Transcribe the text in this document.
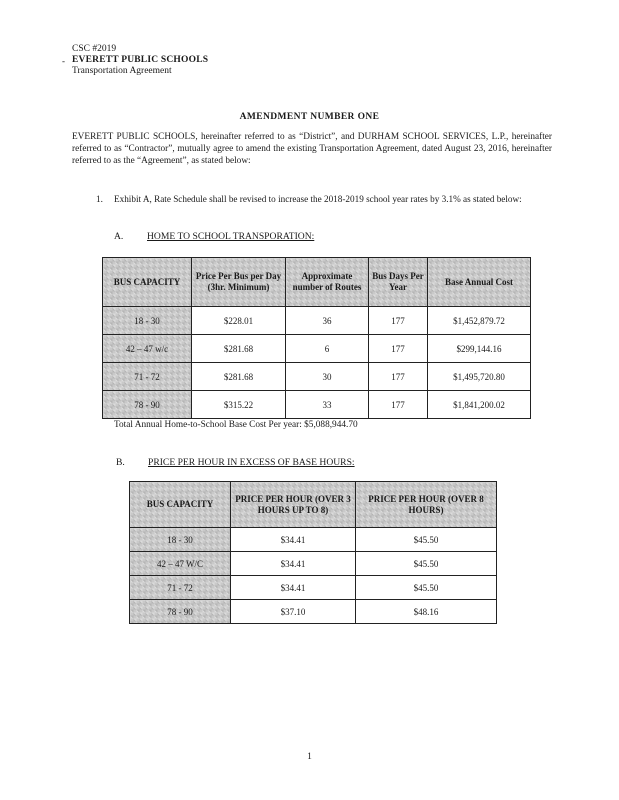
CSC #2019
EVERETT PUBLIC SCHOOLS
Transportation Agreement
-
AMENDMENT NUMBER ONE
EVERETT PUBLIC SCHOOLS, hereinafter referred to as “District”, and DURHAM SCHOOL SERVICES, L.P., hereinafter referred to as “Contractor”, mutually agree to amend the existing Transportation Agreement, dated August 23, 2016, hereinafter referred to as the “Agreement”, as stated below:
1. Exhibit A, Rate Schedule shall be revised to increase the 2018-2019 school year rates by 3.1% as stated below:
A. HOME TO SCHOOL TRANSPORATION:
BUS CAPACITY	Price Per Bus per Day (3hr. Minimum)	Approximate number of Routes	Bus Days Per Year	Base Annual Cost
18 - 30	$228.01	36	177	$1,452,879.72
42 – 47 w/c	$281.68	6	177	$299,144.16
71 - 72	$281.68	30	177	$1,495,720.80
78 - 90	$315.22	33	177	$1,841,200.02
Total Annual Home-to-School Base Cost Per year: $5,088,944.70
B. PRICE PER HOUR IN EXCESS OF BASE HOURS:
BUS CAPACITY	PRICE PER HOUR (OVER 3 HOURS UP TO 8)	PRICE PER HOUR (OVER 8 HOURS)
18 - 30	$34.41	$45.50
42 – 47 W/C	$34.41	$45.50
71 - 72	$34.41	$45.50
78 - 90	$37.10	$48.16
1
